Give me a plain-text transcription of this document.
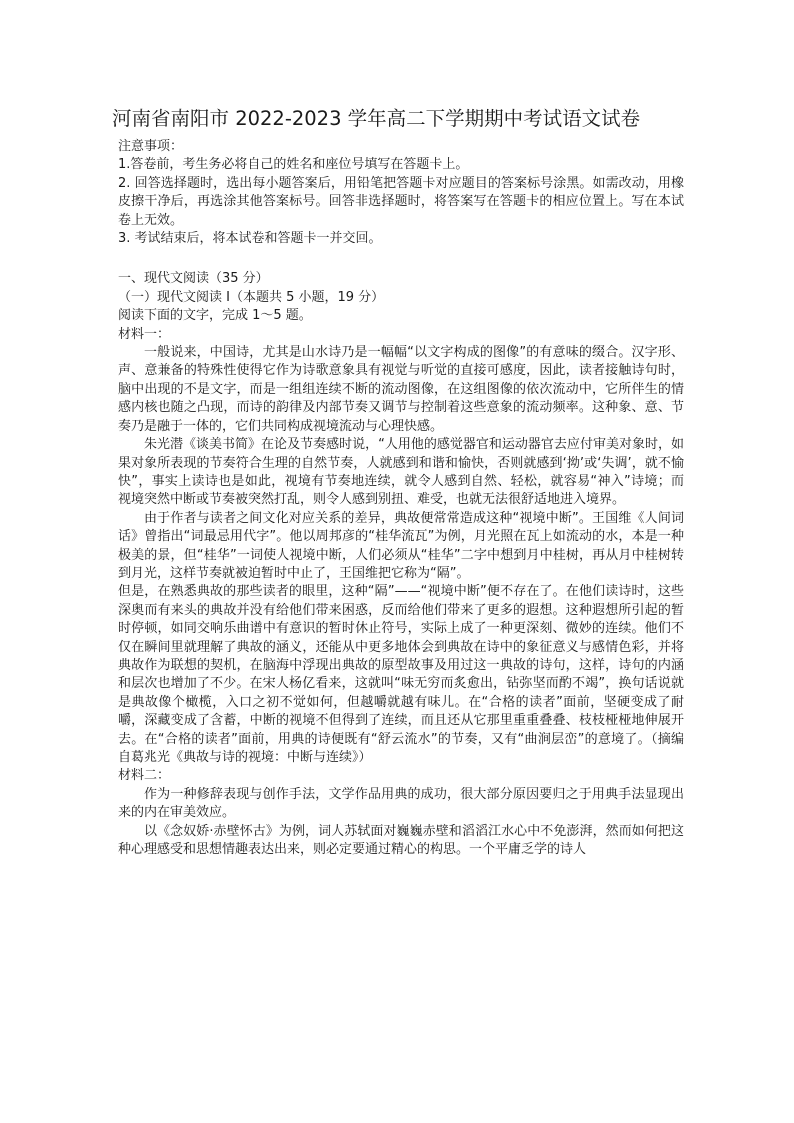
河南省南阳市 2022-2023 学年高二下学期期中考试语文试卷

注意事项：

1.答卷前，考生务必将自己的姓名和座位号填写在答题卡上。

2. 回答选择题时，选出每小题答案后，用铅笔把答题卡对应题目的答案标号涂黑。如需改动，用橡皮擦干净后，再选涂其他答案标号。回答非选择题时，将答案写在答题卡的相应位置上。写在本试卷上无效。

3. 考试结束后，将本试卷和答题卡一并交回。

一、现代文阅读（35 分）

（一）现代文阅读 I（本题共 5 小题，19 分）

阅读下面的文字，完成 1～5 题。

材料一：

一般说来，中国诗，尤其是山水诗乃是一幅幅“以文字构成的图像”的有意味的缀合。汉字形、声、意兼备的特殊性使得它作为诗歌意象具有视觉与听觉的直接可感度，因此，读者接触诗句时，脑中出现的不是文字，而是一组组连续不断的流动图像，在这组图像的依次流动中，它所伴生的情感内核也随之凸现，而诗的韵律及内部节奏又调节与控制着这些意象的流动频率。这种象、意、节奏乃是融于一体的，它们共同构成视境流动与心理快感。

朱光潜《谈美书简》在论及节奏感时说，“人用他的感觉器官和运动器官去应付审美对象时，如果对象所表现的节奏符合生理的自然节奏，人就感到和谐和愉快，否则就感到‘拗’或‘失调’，就不愉快”，事实上读诗也是如此，视境有节奏地连续，就令人感到自然、轻松，就容易“神入”诗境；而视境突然中断或节奏被突然打乱，则令人感到别扭、难受，也就无法很舒适地进入境界。

由于作者与读者之间文化对应关系的差异，典故便常常造成这种“视境中断”。王国维《人间词话》曾指出“词最忌用代字”。他以周邦彦的“桂华流瓦”为例，月光照在瓦上如流动的水，本是一种极美的景，但“桂华”一词使人视境中断，人们必须从“桂华”二字中想到月中桂树，再从月中桂树转到月光，这样节奏就被迫暂时中止了，王国维把它称为“隔”。

但是，在熟悉典故的那些读者的眼里，这种“隔”——“视境中断”便不存在了。在他们读诗时，这些深奥而有来头的典故并没有给他们带来困惑，反而给他们带来了更多的遐想。这种遐想所引起的暂时停顿，如同交响乐曲谱中有意识的暂时休止符号，实际上成了一种更深刻、微妙的连续。他们不仅在瞬间里就理解了典故的涵义，还能从中更多地体会到典故在诗中的象征意义与感情色彩，并将典故作为联想的契机，在脑海中浮现出典故的原型故事及用过这一典故的诗句，这样，诗句的内涵和层次也增加了不少。在宋人杨亿看来，这就叫“味无穷而炙愈出，钻弥坚而酌不竭”，换句话说就是典故像个橄榄，入口之初不觉如何，但越嚼就越有味儿。在“合格的读者”面前，坚硬变成了耐嚼，深藏变成了含蓄，中断的视境不但得到了连续，而且还从它那里重重叠叠、枝枝桠桠地伸展开去。在“合格的读者”面前，用典的诗便既有“舒云流水”的节奏，又有“曲涧层峦”的意境了。（摘编自葛兆光《典故与诗的视境：中断与连续》）

材料二：

作为一种修辞表现与创作手法，文学作品用典的成功，很大部分原因要归之于用典手法显现出来的内在审美效应。

以《念奴娇·赤壁怀古》为例，词人苏轼面对巍巍赤壁和滔滔江水心中不免澎湃，然而如何把这种心理感受和思想情趣表达出来，则必定要通过精心的构思。一个平庸乏学的诗人
